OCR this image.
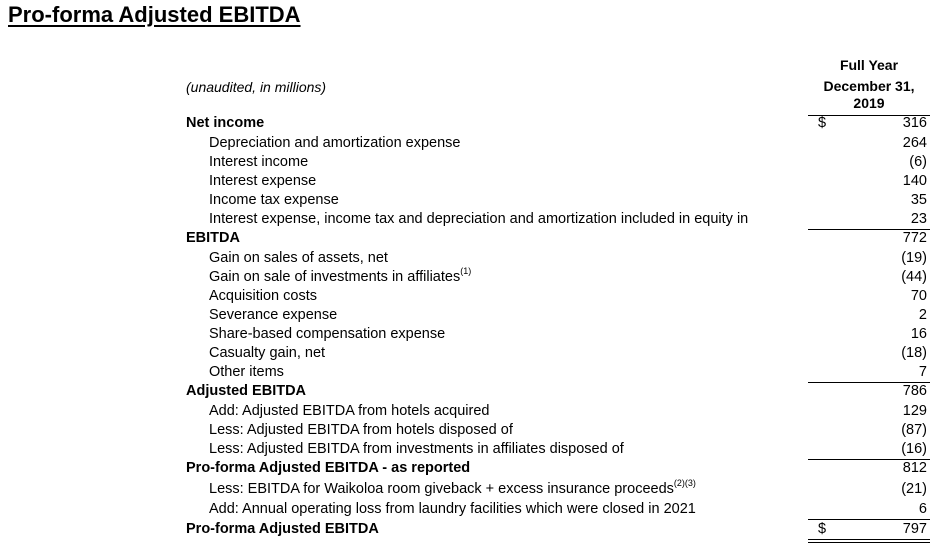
Pro-forma Adjusted EBITDA
Full Year
December 31,
2019
(unaudited, in millions)
Net income	$	316
Depreciation and amortization expense	264
Interest income	(6)
Interest expense	140
Income tax expense	35
Interest expense, income tax and depreciation and amortization included in equity in	23
EBITDA	772
Gain on sales of assets, net	(19)
Gain on sale of investments in affiliates$^{(1)}$	(44)
Acquisition costs	70
Severance expense	2
Share-based compensation expense	16
Casualty gain, net	(18)
Other items	7
Adjusted EBITDA	786
Add: Adjusted EBITDA from hotels acquired	129
Less: Adjusted EBITDA from hotels disposed of	(87)
Less: Adjusted EBITDA from investments in affiliates disposed of	(16)
Pro-forma Adjusted EBITDA - as reported	812
Less: EBITDA for Waikoloa room giveback + excess insurance proceeds$^{(2)(3)}$	(21)
Add: Annual operating loss from laundry facilities which were closed in 2021	6
Pro-forma Adjusted EBITDA	$	797
